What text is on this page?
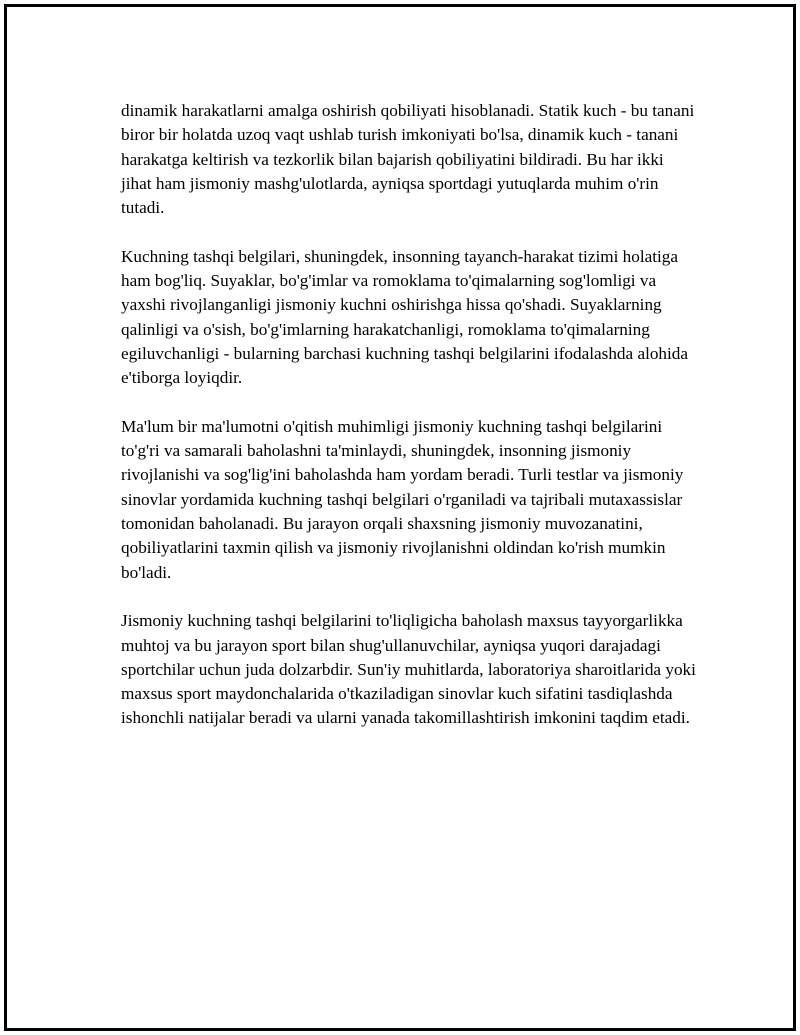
dinamik harakatlarni amalga oshirish qobiliyati hisoblanadi. Statik kuch - bu tanani biror bir holatda uzoq vaqt ushlab turish imkoniyati bo'lsa, dinamik kuch - tanani harakatga keltirish va tezkorlik bilan bajarish qobiliyatini bildiradi. Bu har ikki jihat ham jismoniy mashg'ulotlarda, ayniqsa sportdagi yutuqlarda muhim o'rin tutadi.

Kuchning tashqi belgilari, shuningdek, insonning tayanch-harakat tizimi holatiga ham bog'liq. Suyaklar, bo'g'imlar va romoklama to'qimalarning sog'lomligi va yaxshi rivojlanganligi jismoniy kuchni oshirishga hissa qo'shadi. Suyaklarning qalinligi va o'sish, bo'g'imlarning harakatchanligi, romoklama to'qimalarning egiluvchanligi - bularning barchasi kuchning tashqi belgilarini ifodalashda alohida e'tiborga loyiqdir.

Ma'lum bir ma'lumotni o'qitish muhimligi jismoniy kuchning tashqi belgilarini to'g'ri va samarali baholashni ta'minlaydi, shuningdek, insonning jismoniy rivojlanishi va sog'lig'ini baholashda ham yordam beradi. Turli testlar va jismoniy sinovlar yordamida kuchning tashqi belgilari o'rganiladi va tajribali mutaxassislar tomonidan baholanadi. Bu jarayon orqali shaxsning jismoniy muvozanatini, qobiliyatlarini taxmin qilish va jismoniy rivojlanishni oldindan ko'rish mumkin bo'ladi.

Jismoniy kuchning tashqi belgilarini to'liqligicha baholash maxsus tayyorgarlikka muhtoj va bu jarayon sport bilan shug'ullanuvchilar, ayniqsa yuqori darajadagi sportchilar uchun juda dolzarbdir. Sun'iy muhitlarda, laboratoriya sharoitlarida yoki maxsus sport maydonchalarida o'tkaziladigan sinovlar kuch sifatini tasdiqlashda ishonchli natijalar beradi va ularni yanada takomillashtirish imkonini taqdim etadi.
